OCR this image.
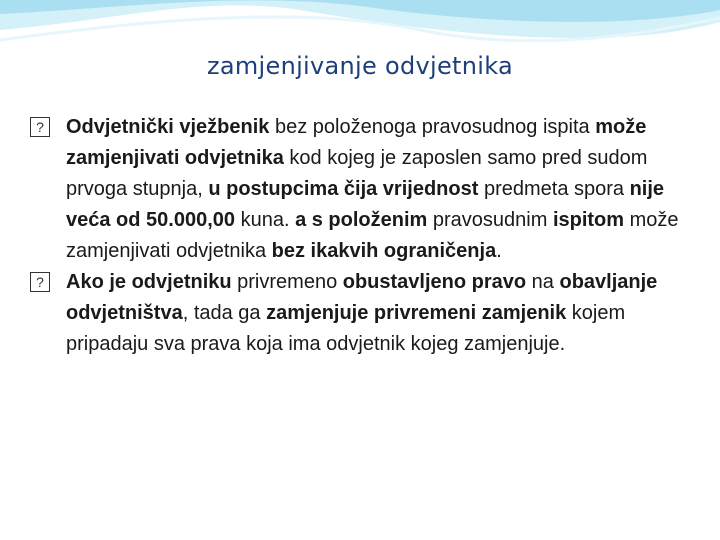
zamjenjivanje odvjetnika

?	Odvjetnički vježbenik bez položenoga pravosudnog ispita može zamjenjivati odvjetnika kod kojeg je zaposlen samo pred sudom prvoga stupnja, u postupcima čija vrijednost predmeta spora nije veća od 50.000,00 kuna. a s položenim pravosudnim ispitom može zamjenjivati odvjetnika bez ikakvih ograničenja.

?	Ako je odvjetniku privremeno obustavljeno pravo na obavljanje odvjetništva, tada ga zamjenjuje privremeni zamjenik kojem pripadaju sva prava koja ima odvjetnik kojeg zamjenjuje.
